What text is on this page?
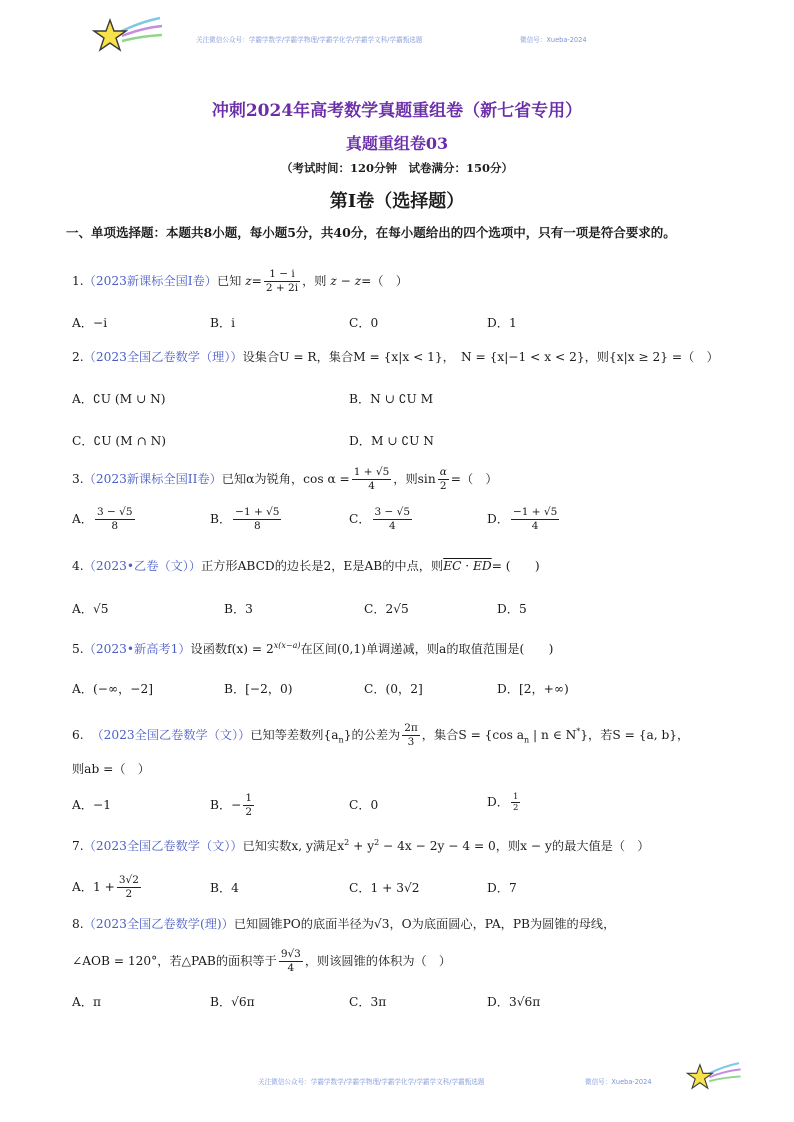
关注微信公众号：学霸学数学/学霸学物理/学霸学化学/学霸学文科/学霸甄选题	微信号：Xueba-2024
冲刺2024年高考数学真题重组卷（新七省专用）
真题重组卷03
（考试时间：120分钟　试卷满分：150分）
第I卷（选择题）
一、单项选择题：本题共8小题，每小题5分，共40分，在每小题给出的四个选项中，只有一项是符合要求的。
1.（2023新课标全国I卷）已知 $z= \frac{1 - i}{2 + 2i}$ ，则 z − z=（　）
A．−i	B．i	C．0	D．1
2.（2023全国乙卷数学（理））设集合U = R，集合M = {x|x < 1}，　N = {x|−1 < x < 2}，则{x|x ≥ 2} =（　）
A．∁U (M ∪ N)	B．N ∪ ∁U M
C．∁U (M ∩ N)	D．M ∪ ∁U N
3.（2023新课标全国II卷）已知α为锐角，$\cos \alpha = \frac{1 + √5}{4}$ ，则$\sin \frac{\alpha}{2}$ =（　）
A． $\frac{3 - √5}{8}$	B． $\frac{-1 + √5}{8}$	C． $\frac{3 - √5}{4}$	D． $\frac{-1 + √5}{4}$
4.（2023•乙卷（文））正方形ABCD的边长是2，E是AB的中点，则EC · ED= (　　)
A．√5	B．3	C．2√5	D．5
5.（2023•新高考1）设函数$f(x) = 2^{x(x-a)}$在区间(0,1)单调递减，则a的取值范围是(　　)
A．(−∞，−2]	B．[−2，0)	C．(0，2]	D．[2，+∞)
6. （2023全国乙卷数学（文））已知等差数列$\{a_n\}$的公差为 $\frac{2\pi}{3}$ ，集合S = {cos $a_n$ | n ∈ N*}，若S = {a, b}，
则ab =（　）
A．−1	B．− $\frac{1}{2}$	C．0	D． $\frac{1}{2}$
7.（2023全国乙卷数学（文））已知实数x, y满足$x^2 + y^2 - 4x - 2y - 4 = 0$，则x − y的最大值是（　）
A．$1 + \frac{3√2}{2}$	B．4	C．1 + 3√2	D．7
8.（2023全国乙卷数学(理)）已知圆锥PO的底面半径为√3，O为底面圆心，PA，PB为圆锥的母线，
∠AOB = 120°，若△PAB的面积等于 $\frac{9√3}{4}$ ，则该圆锥的体积为（　）
A．π	B．√6π	C．3π	D．3√6π
关注微信公众号：学霸学数学/学霸学物理/学霸学化学/学霸学文科/学霸甄选题	微信号：Xueba-2024
